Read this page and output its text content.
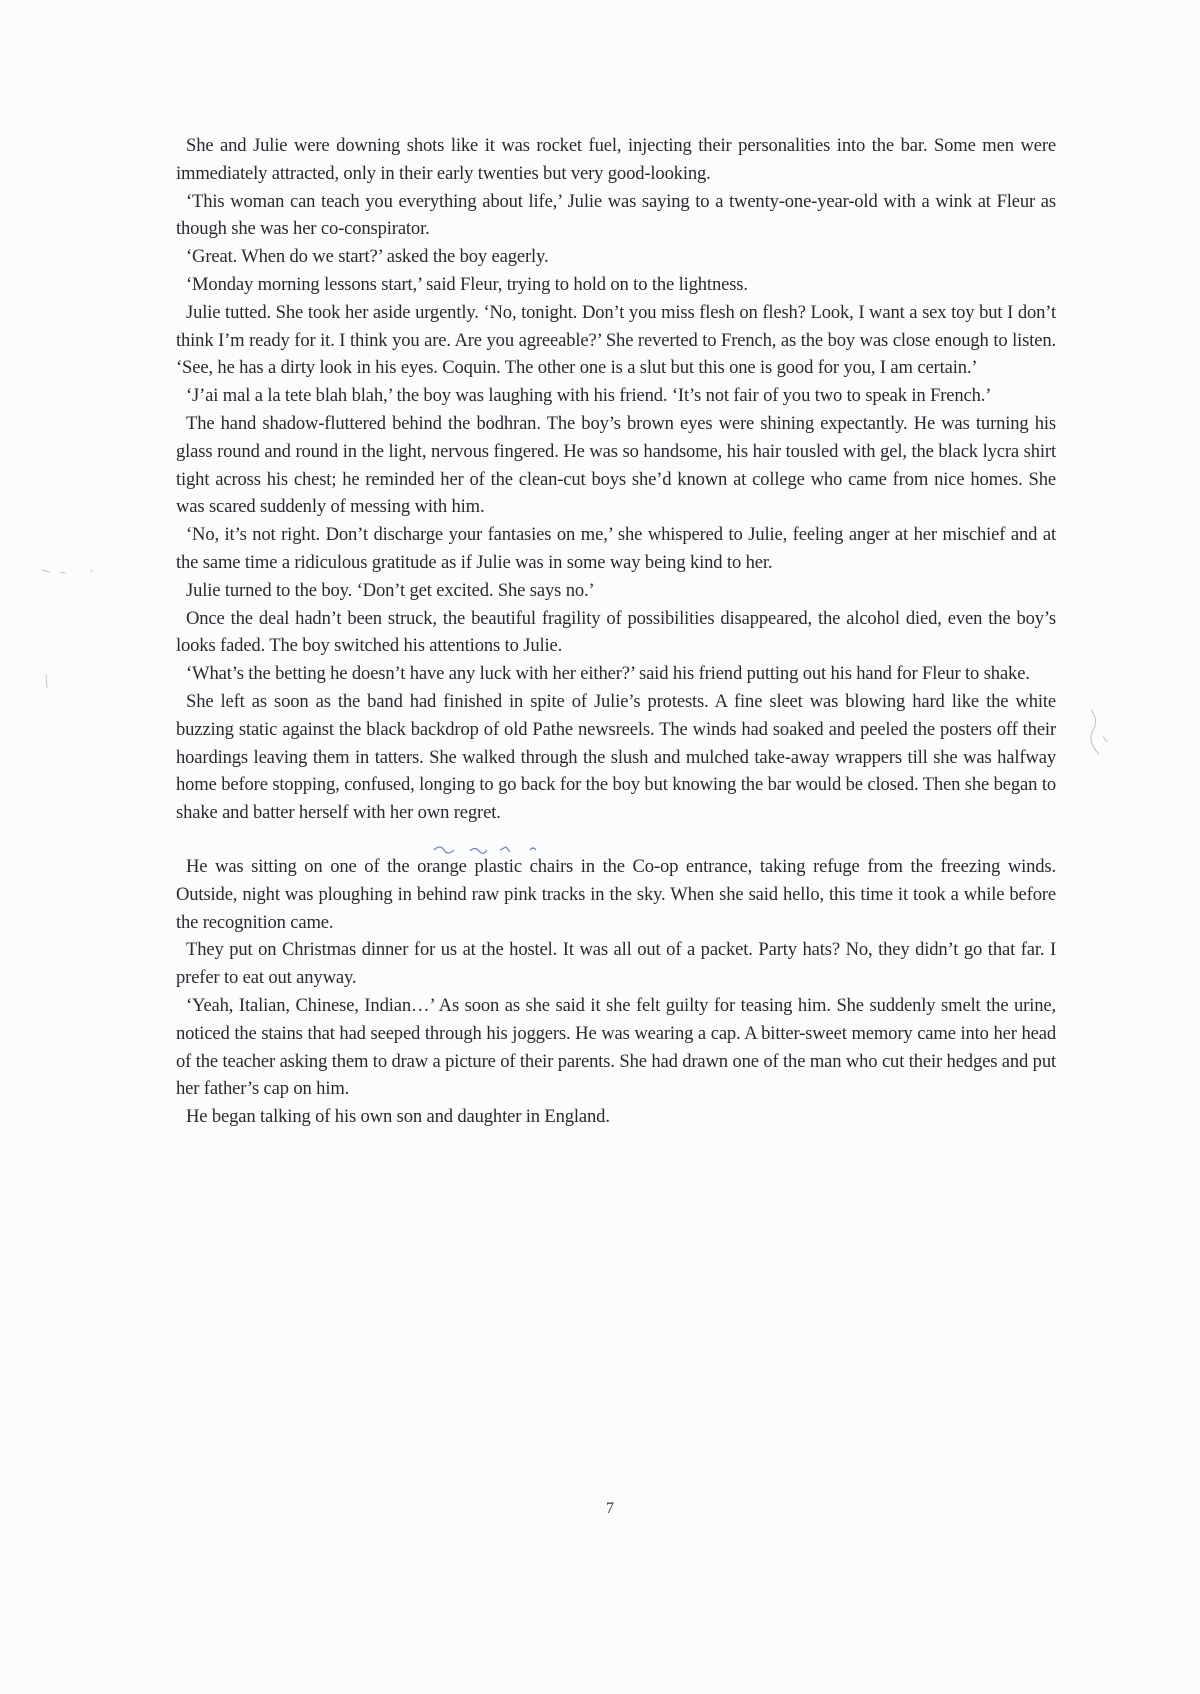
She and Julie were downing shots like it was rocket fuel, injecting their personalities into the bar. Some men were immediately attracted, only in their early twenties but very good-looking.

‘This woman can teach you everything about life,’ Julie was saying to a twenty-one-year-old with a wink at Fleur as though she was her co-conspirator.

‘Great. When do we start?’ asked the boy eagerly.

‘Monday morning lessons start,’ said Fleur, trying to hold on to the lightness.

Julie tutted. She took her aside urgently. ‘No, tonight. Don’t you miss flesh on flesh? Look, I want a sex toy but I don’t think I’m ready for it. I think you are. Are you agreeable?’ She reverted to French, as the boy was close enough to listen. ‘See, he has a dirty look in his eyes. Coquin. The other one is a slut but this one is good for you, I am certain.’

‘J’ai mal a la tete blah blah,’ the boy was laughing with his friend. ‘It’s not fair of you two to speak in French.’

The hand shadow-fluttered behind the bodhran. The boy’s brown eyes were shining expectantly. He was turning his glass round and round in the light, nervous fingered. He was so handsome, his hair tousled with gel, the black lycra shirt tight across his chest; he reminded her of the clean-cut boys she’d known at college who came from nice homes. She was scared suddenly of messing with him.

‘No, it’s not right. Don’t discharge your fantasies on me,’ she whispered to Julie, feeling anger at her mischief and at the same time a ridiculous gratitude as if Julie was in some way being kind to her.

Julie turned to the boy. ‘Don’t get excited. She says no.’

Once the deal hadn’t been struck, the beautiful fragility of possibilities disappeared, the alcohol died, even the boy’s looks faded. The boy switched his attentions to Julie.

‘What’s the betting he doesn’t have any luck with her either?’ said his friend putting out his hand for Fleur to shake.

She left as soon as the band had finished in spite of Julie’s protests. A fine sleet was blowing hard like the white buzzing static against the black backdrop of old Pathe newsreels. The winds had soaked and peeled the posters off their hoardings leaving them in tatters. She walked through the slush and mulched take-away wrappers till she was halfway home before stopping, confused, longing to go back for the boy but knowing the bar would be closed. Then she began to shake and batter herself with her own regret.

He was sitting on one of the orange plastic chairs in the Co-op entrance, taking refuge from the freezing winds. Outside, night was ploughing in behind raw pink tracks in the sky. When she said hello, this time it took a while before the recognition came.

They put on Christmas dinner for us at the hostel. It was all out of a packet. Party hats? No, they didn’t go that far. I prefer to eat out anyway.

‘Yeah, Italian, Chinese, Indian…’ As soon as she said it she felt guilty for teasing him. She suddenly smelt the urine, noticed the stains that had seeped through his joggers. He was wearing a cap. A bitter-sweet memory came into her head of the teacher asking them to draw a picture of their parents. She had drawn one of the man who cut their hedges and put her father’s cap on him.

He began talking of his own son and daughter in England.

7
